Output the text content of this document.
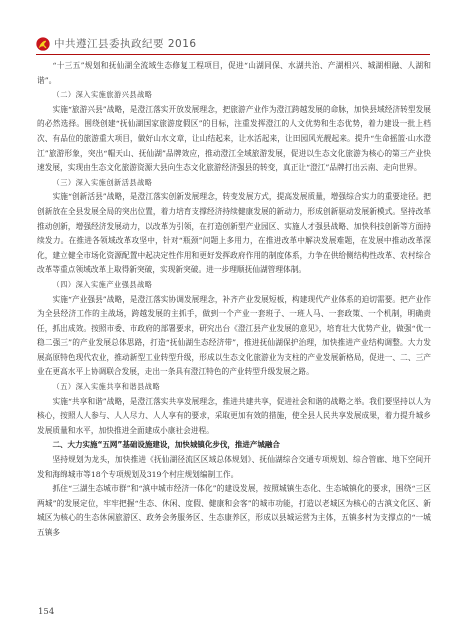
中共遵江县委执政纪要 2016

“十三五”规划和抚仙湖全流域生态修复工程项目，促进“山湖同保、水湖共治、产湖相兴、城湖相融、人湖和谐”。

（二）深入实施旅游兴县战略

实施“旅游兴县”战略，是澄江落实开放发展理念，把旅游产业作为澄江跨越发展的命脉，加快县域经济转型发展的必然选择。围绕创建“抚仙湖国家旅游度假区”的目标，注重发挥澄江的人文优势和生态优势，着力建设一批上档次、有品位的旅游重大项目，做好山水文章，让山结起来，让水活起来，让田园风光靓起来。提升“生命摇篮·山水澄江”旅游形象，突出“帽天山、抚仙湖”品牌效应，推动澄江全域旅游发展，促进以生态文化旅游为核心的第三产业快速发展，实现由生态文化旅游资源大县向生态文化旅游经济强县的转变，真正让“澄江”品牌打出云南、走向世界。

（三）深入实施创新活县战略

实施“创新活县”战略，是澄江落实创新发展理念，转变发展方式，提高发展质量，增强综合实力的重要途径。把创新放在全县发展全局的突出位置，着力培育支撑经济持续健康发展的新动力，形成创新驱动发展新模式。坚持改革推动创新，增强经济发展动力，以改革为引领，在打造创新型产业园区、实施人才强县战略、加快科技创新等方面持续发力。在推进各领域改革攻坚中，针对“瓶颈”问题上多用力，在推进改革中解决发展难题，在发展中推动改革深化，建立健全市场化资源配置中起决定性作用和更好发挥政府作用的制度体系，力争在供给侧结构性改革、农村综合改革等重点领域改革上取得新突破，实现新突破。进一步理顺抚仙湖管理体制。

（四）深入实施产业强县战略

实施“产业强县”战略，是澄江落实协调发展理念，补齐产业发展短板，构建现代产业体系的迫切需要。把产业作为全县经济工作的主战场，跨越发展的主抓手，做到一个产业一套班子、一班人马、一套政策、一个机制，明确责任，抓出成效。按照市委、市政府的部署要求，研究出台《澄江县产业发展的意见》，培育壮大优势产业，做强“优一稳二强三”的产业发展总体思路，打造“抚仙湖生态经济带”，推进抚仙湖保护治理，加快推进产业结构调整。大力发展高原特色现代农业，推动新型工业转型升级，形成以生态文化旅游业为支柱的产业发展新格局，促进一、二、三产业在更高水平上协调联合发展，走出一条具有澄江特色的产业转型升级发展之路。

（五）深入实施共享和谐县战略

实施“共享和谐”战略，是澄江落实共享发展理念，推进共建共享，促进社会和谐的战略之举。我们要坚持以人为核心，按照人人参与、人人尽力、人人享有的要求，采取更加有效的措施，使全县人民共享发展成果，着力提升城乡发展质量和水平，加快推进全面建成小康社会进程。

二、大力实施“五网”基础设施建设，加快城镇化步伐，推进产城融合

坚持规划为龙头，加快推进《抚仙湖径流区区域总体规划》、抚仙湖综合交通专项规划、综合管廊、地下空间开发和海绵城市等18个专项规划及319个村庄规划编制工作。

抓住“三湖生态城市群”和“滇中城市经济一体化”的建设发展，按照城镇生态化、生态城镇化的要求，围绕“三区两城”的发展定位，牢牢把握“生态、休闲、度假、健康和会客”的城市功能，打造以老城区为核心的古滇文化区、新城区为核心的生态休闲旅游区、政务会务服务区、生态康养区，形成以县城运营为主体，五镇多村为支撑点的“一城五镇多

154
